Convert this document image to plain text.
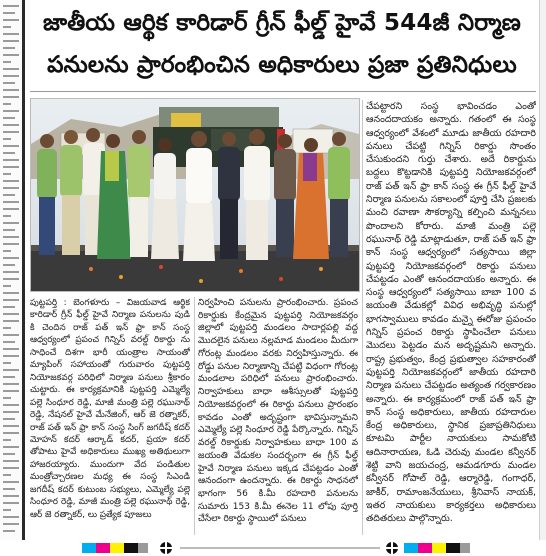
జాతీయ ఆర్థిక కారిడార్ గ్రీన్ ఫీల్డ్ హైవే 544జీ నిర్మాణ
పనులను ప్రారంభించిన అధికారులు ప్రజా ప్రతినిధులు
పుట్టపర్తి : బెంగళూరు – విజయవాడ ఆర్థిక కారిడార్ గ్రీన్ ఫీల్డ్ హైవే నిర్మాణ పనులను పుడి కి చెందిన రాజ్ పత్ ఇన్ ఫ్రా కాన్ సంస్థ ఆధ్వర్యంలో ప్రపంచ గిన్నిస్ వరల్డ్ రికార్డు ను సాధించే దిశగా భారీ యంత్రాల సాయంతో మ్యాపింగ్ సహాయంతో గురువారం పుట్టపర్తి నియోజకవర్గ పరిధిలో నిర్మాణ పనులు శ్రీకారం చుట్టారు. ఈ కార్యక్రమానికి పుట్టపర్తి ఎమ్మెల్యే పల్లె సింధూర రెడ్డి, మాజీ మంత్రి పల్లె రఘునాథ్ రెడ్డి, నేషనల్ హైవే మేనేజింగ్, ఆర్ జె రత్నాకర్, రాజ్ పత్ ఇన్ ఫ్రా కాన్ సంస్థ సింగ్ జగదీష్ కదర్ మోహన్ కదర్ ఆర్కాడ్ కదర్, ప్రయా కదర్ తోపాటు హైవే అధికారులు ముఖ్య అతిథులుగా హాజరయ్యారు. ముందుగా వేద పండితుల మంత్రోచ్చారణల మధ్య ఈ సంస్థ సిఎండి జగదీష్ కదర్ కుటుంబ సభ్యులు, ఎమ్మెల్యే పల్లె సింధూర రెడ్డి, మాజీ మంత్రి పల్లె రఘునాథ్ రెడ్డి, ఆర్ జె రత్నాకర్, లు ప్రత్యేక పూజలు
నిర్వహించి పనులను ప్రారంభించారు. ప్రపంచ రికార్డుకు కేంద్రమైన పుట్టపర్తి నియోజకవర్గం జిల్లాలో పుట్టపర్తి మండలం సాదార్లపల్లి వద్ద మొదలైన పనులు నల్లమాడ మండలం మీదుగా గోరంట్ల మండలం వరకు నిర్వహిస్తున్నారు. ఈ రోడ్డు పనుల నిర్మాణాన్ని చేపట్టి విధంగా గోరంట్ల మండలాల పరిధిలో పనులు ప్రారంభించారు. నిర్వాహకులు బాధా ఆశీస్సులతో పుట్టపర్తి నియోజకవర్గంలో ఈ రికార్డు పనులు ప్రారంభం కావడం ఎంతో అదృష్టంగా భావిస్తున్నామని ఎమ్మెల్యే పల్లె సింధూర రెడ్డి పేర్కొన్నారు. గిన్నిస్ వరల్డ్ రికార్డుకు నిర్వాహకులు బాధా 100 వ జయంతి వేడుకల సందర్భంగా ఈ గ్రీన్ ఫీల్డ్ హైవే నిర్మాణ పనులు ఇక్కడ చేపట్టడం ఎంతో ఆనందంగా ఉందన్నారు. ఈ రికార్డు సాధనలో భాగంగా 56 కి.మీ రహదారి పనులను సుమారు 153 కి.మీ ఈనెల 11 లోపు పూర్తి చేసేలా రికార్డు స్థాయిలో పనులు
చేపట్టారని సంస్థ భావించడం ఎంతో ఆనందదాయకం అన్నారు. గతంలో ఈ సంస్థ ఆధ్వర్యంలో వేశంలో మూడు జాతీయ రహదారి పనులు చేపట్టి గిన్నిస్ రికార్డు సొంతం చేసుకుందని గుర్తు చేశారు. అదే రికార్డును బద్దలు కొట్టడానికి పుట్టపర్తి నియోజకవర్గంలో రాజ్ పత్ ఇన్ ఫ్రా కాన్ సంస్థ ఈ గ్రీన్ ఫీల్డ్ హైవే నిర్మాణ పనులను సకాలంలో పూర్తి చేసి ప్రజలకు మంచి రవాణా సౌకర్యాన్ని కల్పించి మన్ననలు పొందాలని కోరారు. మాజీ మంత్రి పల్లె రఘునాథ్ రెడ్డి మాట్లాడుతూ, రాజ్ పత్ ఇన్ ఫ్రా కాన్ సంస్థ ఆధ్వర్యంలో సత్యసాయి జిల్లా పుట్టపర్తి నియోజకవర్గంలో రికార్డు పనులు చేపట్టడం ఎంతో ఆనందదాయకం అన్నారు. ఈ సంస్థ ఆధ్వర్యంలో సత్యసాయి బాబా 100 వ జయంతి వేడుకల్లో వివిధ అభివృద్ధి పనుల్లో భాగస్వాములు కావడం మన్నై ఈరోజు ప్రపంచం గిన్నిస్ ప్రపంచ రికార్డు స్థాపించేలా పనులు మొదలు పెట్టడం మన అదృష్టమని అన్నారు. రాష్ట్ర ప్రభుత్వం, కేంద్ర ప్రభుత్వాల సహకారంతో పుట్టపర్తి నియోజకవర్గంలో జాతీయ రహదారి నిర్మాణ పనులు చేపట్టడం అత్యంత గర్వకారణం అన్నారు. ఈ కార్యక్రమంలో రాజ్ పత్ ఇన్ ఫ్రా కాన్ సంస్థ అధికారులు, జాతీయ రహదారుల కేంద్ర అధికారులు, స్థానిక ప్రజాప్రతినిధులు కూటమి పార్టీల నాయకులు సామకోటి ఆదినారాయణ, ఓడి చెరువు మండల కన్వీనర్ శెట్టి వాని జయచంద్ర, ఆమడగూరు మండల కన్వీనర్ గోపాల్ రెడ్డి, ఆర్మారెడ్డి, గంగాధర్, జాకీర్, రామాంజనేయులు, శ్రీనివాస్ నాయక్, ఇతర నాయకులు కార్యకర్తలు అధికారులు తదితరులు పాల్గొన్నారు.
